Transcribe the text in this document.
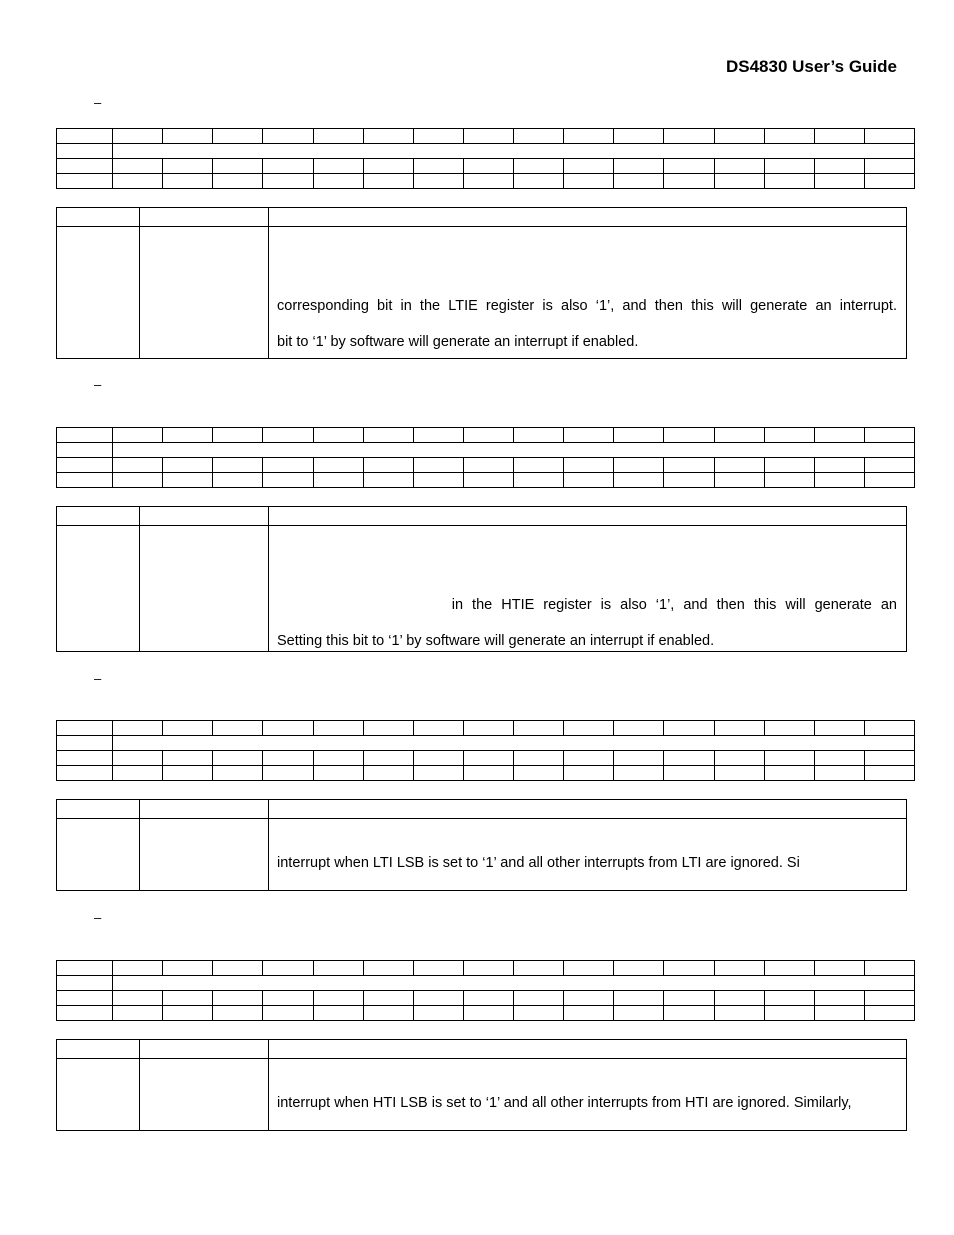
DS4830 User’s Guide
–

		corresponding bit in the LTIE register is also ‘1’, and then this will generate an interrupt.
bit to ‘1’ by software will generate an interrupt if enabled.
–

		in the HTIE register is also ‘1’, and then this will generate an
Setting this bit to ‘1’ by software will generate an interrupt if enabled.
–

		interrupt when LTI LSB is set to ‘1’ and all other interrupts from LTI are ignored. Si
–

		interrupt when HTI LSB is set to ‘1’ and all other interrupts from HTI are ignored. Similarly,
